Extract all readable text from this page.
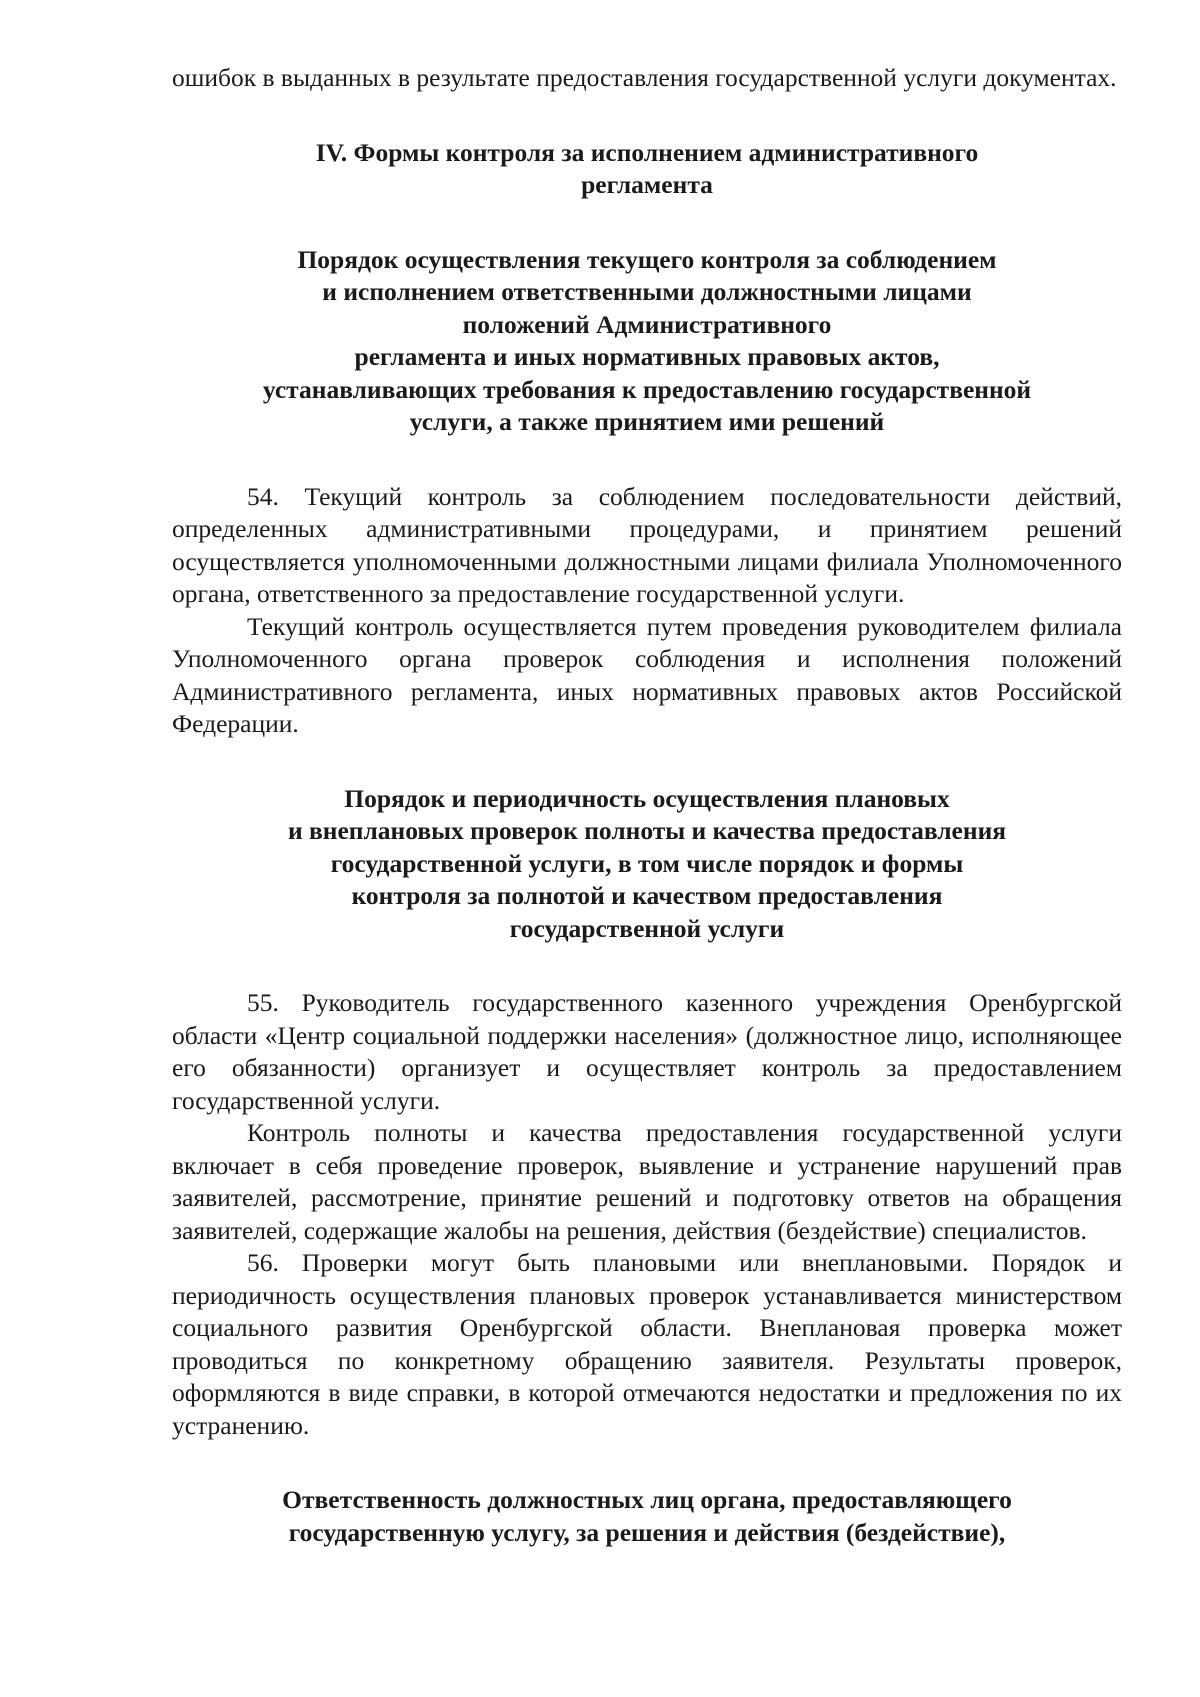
ошибок в выданных в результате предоставления государственной услуги документах.

IV. Формы контроля за исполнением административного
регламента
Порядок осуществления текущего контроля за соблюдением
и исполнением ответственными должностными лицами
положений Административного
регламента и иных нормативных правовых актов,
устанавливающих требования к предоставлению государственной
услуги, а также принятием ими решений

54. Текущий контроль за соблюдением последовательности действий, определенных административными процедурами, и принятием решений осуществляется уполномоченными должностными лицами филиала Уполномоченного органа, ответственного за предоставление государственной услуги.

Текущий контроль осуществляется путем проведения руководителем филиала Уполномоченного органа проверок соблюдения и исполнения положений Административного регламента, иных нормативных правовых актов Российской Федерации.

Порядок и периодичность осуществления плановых
и внеплановых проверок полноты и качества предоставления
государственной услуги, в том числе порядок и формы
контроля за полнотой и качеством предоставления
государственной услуги

55. Руководитель государственного казенного учреждения Оренбургской области «Центр социальной поддержки населения» (должностное лицо, исполняющее его обязанности) организует и осуществляет контроль за предоставлением государственной услуги.

Контроль полноты и качества предоставления государственной услуги включает в себя проведение проверок, выявление и устранение нарушений прав заявителей, рассмотрение, принятие решений и подготовку ответов на обращения заявителей, содержащие жалобы на решения, действия (бездействие) специалистов.

56. Проверки могут быть плановыми или внеплановыми. Порядок и периодичность осуществления плановых проверок устанавливается министерством социального развития Оренбургской области. Внеплановая проверка может проводиться по конкретному обращению заявителя. Результаты проверок, оформляются в виде справки, в которой отмечаются недостатки и предложения по их устранению.

Ответственность должностных лиц органа, предоставляющего
государственную услугу, за решения и действия (бездействие),
